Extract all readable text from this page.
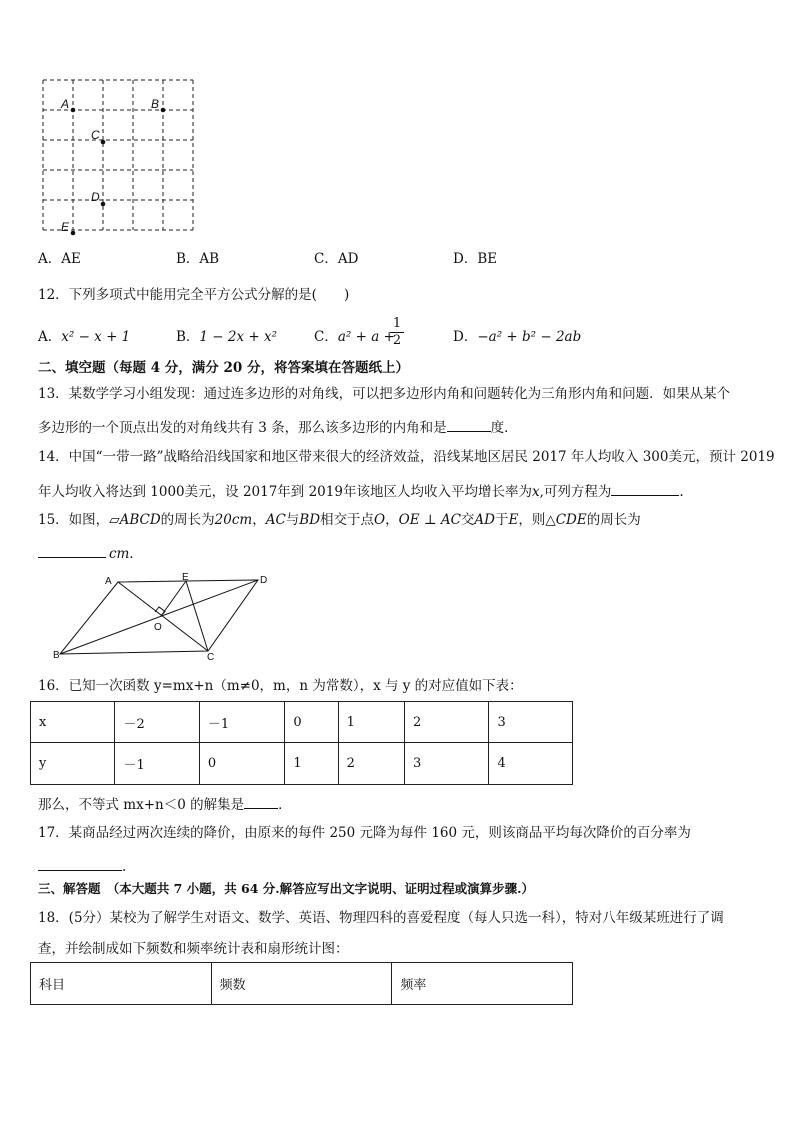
A	B
C
D
E
A．AE	B．AB	C．AD	D．BE
12．下列多项式中能用完全平方公式分解的是(　　)
A．x² − x + 1	B．1 − 2x + x²	C．a² + a +
1
2	D．−a² + b² − 2ab
二、填空题（每题 4 分，满分 20 分，将答案填在答题纸上）
13．某数学学习小组发现：通过连多边形的对角线，可以把多边形内角和问题转化为三角形内角和问题．如果从某个
多边形的一个顶点出发的对角线共有 3 条，那么该多边形的内角和是	度．
14．中国“一带一路”战略给沿线国家和地区带来很大的经济效益，沿线某地区居民 2017 年人均收入 300美元，预计 2019
年人均收入将达到 1000美元，设 2017年到 2019年该地区人均收入平均增长率为x,可列方程为	.
15．如图，▱ABCD的周长为20cm，AC与BD相交于点O，OE ⊥ AC交AD于E，则△CDE的周长为
cm．
A	E	D
O
B	C
16．已知一次函数 y=mx+n（m≠0，m，n 为常数），x 与 y 的对应值如下表：
x	－2	－1	0	1	2	3
y	－1	0	1	2	3	4
那么，不等式 mx+n＜0 的解集是	．
17．某商品经过两次连续的降价，由原来的每件 250 元降为每件 160 元，则该商品平均每次降价的百分率为
.
三、解答题　（本大题共 7 小题，共 64 分.解答应写出文字说明、证明过程或演算步骤.）
18．(5分）某校为了解学生对语文、数学、英语、物理四科的喜爱程度（每人只选一科），特对八年级某班进行了调
查，并绘制成如下频数和频率统计表和扇形统计图：
科目	频数	频率
